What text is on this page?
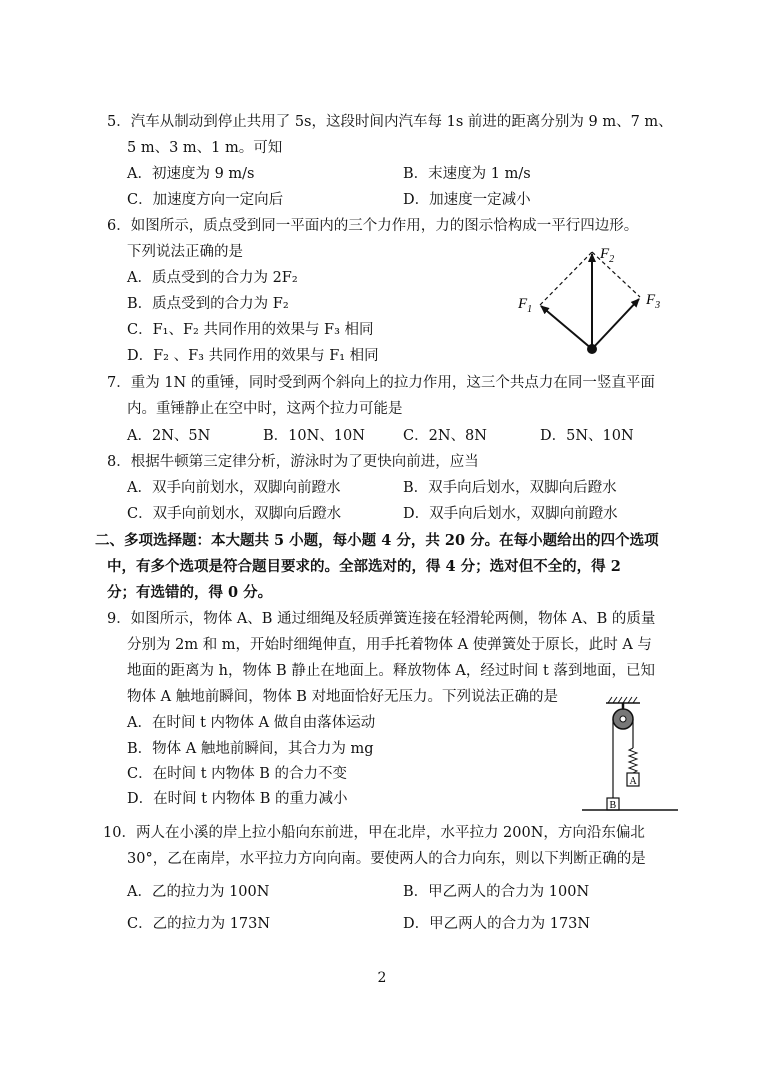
5．汽车从制动到停止共用了 5s，这段时间内汽车每 1s 前进的距离分别为 9 m、7 m、
5 m、3 m、1 m。可知
A．初速度为 9 m/s	B．末速度为 1 m/s
C．加速度方向一定向后	D．加速度一定减小
6．如图所示，质点受到同一平面内的三个力作用，力的图示恰构成一平行四边形。
下列说法正确的是
A．质点受到的合力为 2F₂
B．质点受到的合力为 F₂
C．F₁、F₂ 共同作用的效果与 F₃ 相同
D．F₂ 、F₃ 共同作用的效果与 F₁ 相同
$F_1$
$F_2$
$F_3$
7．重为 1N 的重锤，同时受到两个斜向上的拉力作用，这三个共点力在同一竖直平面
内。重锤静止在空中时，这两个拉力可能是
A．2N、5N	B．10N、10N	C．2N、8N	D．5N、10N
8．根据牛顿第三定律分析，游泳时为了更快向前进，应当
A．双手向前划水，双脚向前蹬水	B．双手向后划水，双脚向后蹬水
C．双手向前划水，双脚向后蹬水	D．双手向后划水，双脚向前蹬水
二、多项选择题：本大题共 5 小题，每小题 4 分，共 20 分。在每小题给出的四个选项
中，有多个选项是符合题目要求的。全部选对的，得 4 分；选对但不全的，得 2
分；有选错的，得 0 分。
9．如图所示，物体 A、B 通过细绳及轻质弹簧连接在轻滑轮两侧，物体 A、B 的质量
分别为 2m 和 m，开始时细绳伸直，用手托着物体 A 使弹簧处于原长，此时 A 与
地面的距离为 h，物体 B 静止在地面上。释放物体 A，经过时间 t 落到地面，已知
物体 A 触地前瞬间，物体 B 对地面恰好无压力。下列说法正确的是
A．在时间 t 内物体 A 做自由落体运动
B．物体 A 触地前瞬间，其合力为 mg
C．在时间 t 内物体 B 的合力不变
D．在时间 t 内物体 B 的重力减小
A
B
10．两人在小溪的岸上拉小船向东前进，甲在北岸，水平拉力 200N，方向沿东偏北
30°，乙在南岸，水平拉力方向向南。要使两人的合力向东，则以下判断正确的是
A．乙的拉力为 100N	B．甲乙两人的合力为 100N
C．乙的拉力为 173N	D．甲乙两人的合力为 173N
2
